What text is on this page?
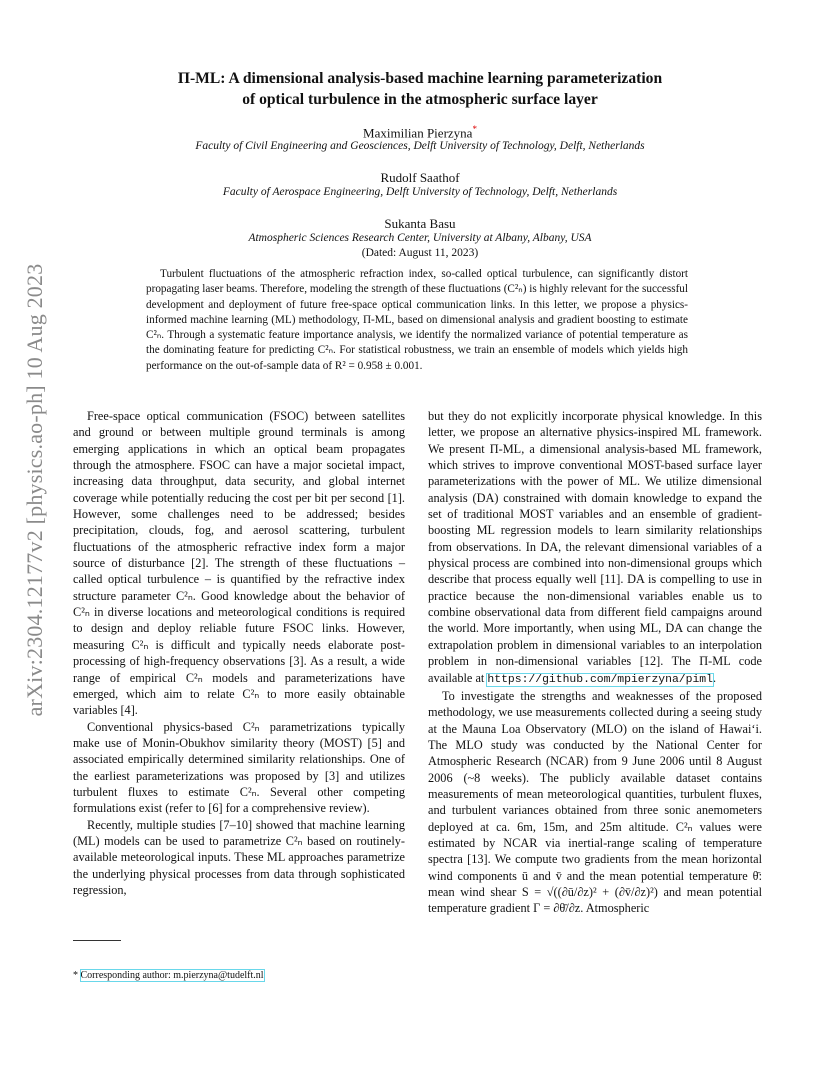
arXiv:2304.12177v2 [physics.ao-ph] 10 Aug 2023
Π-ML: A dimensional analysis-based machine learning parameterization
of optical turbulence in the atmospheric surface layer
Maximilian Pierzyna*
Faculty of Civil Engineering and Geosciences, Delft University of Technology, Delft, Netherlands
Rudolf Saathof
Faculty of Aerospace Engineering, Delft University of Technology, Delft, Netherlands
Sukanta Basu
Atmospheric Sciences Research Center, University at Albany, Albany, USA
(Dated: August 11, 2023)
Turbulent fluctuations of the atmospheric refraction index, so-called optical turbulence, can significantly distort propagating laser beams. Therefore, modeling the strength of these fluctuations (C²ₙ) is highly relevant for the successful development and deployment of future free-space optical communication links. In this letter, we propose a physics-informed machine learning (ML) methodology, Π-ML, based on dimensional analysis and gradient boosting to estimate C²ₙ. Through a systematic feature importance analysis, we identify the normalized variance of potential temperature as the dominating feature for predicting C²ₙ. For statistical robustness, we train an ensemble of models which yields high performance on the out-of-sample data of R² = 0.958 ± 0.001.

Free-space optical communication (FSOC) between satellites and ground or between multiple ground terminals is among emerging applications in which an optical beam propagates through the atmosphere. FSOC can have a major societal impact, increasing data throughput, data security, and global internet coverage while potentially reducing the cost per bit per second [1]. However, some challenges need to be addressed; besides precipitation, clouds, fog, and aerosol scattering, turbulent fluctuations of the atmospheric refractive index form a major source of disturbance [2]. The strength of these fluctuations – called optical turbulence – is quantified by the refractive index structure parameter C²ₙ. Good knowledge about the behavior of C²ₙ in diverse locations and meteorological conditions is required to design and deploy reliable future FSOC links. However, measuring C²ₙ is difficult and typically needs elaborate post-processing of high-frequency observations [3]. As a result, a wide range of empirical C²ₙ models and parameterizations have emerged, which aim to relate C²ₙ to more easily obtainable variables [4].

Conventional physics-based C²ₙ parametrizations typically make use of Monin-Obukhov similarity theory (MOST) [5] and associated empirically determined similarity relationships. One of the earliest parameterizations was proposed by [3] and utilizes turbulent fluxes to estimate C²ₙ. Several other competing formulations exist (refer to [6] for a comprehensive review).

Recently, multiple studies [7–10] showed that machine learning (ML) models can be used to parametrize C²ₙ based on routinely-available meteorological inputs. These ML approaches parametrize the underlying physical processes from data through sophisticated regression,

but they do not explicitly incorporate physical knowledge. In this letter, we propose an alternative physics-inspired ML framework. We present Π-ML, a dimensional analysis-based ML framework, which strives to improve conventional MOST-based surface layer parameterizations with the power of ML. We utilize dimensional analysis (DA) constrained with domain knowledge to expand the set of traditional MOST variables and an ensemble of gradient-boosting ML regression models to learn similarity relationships from observations. In DA, the relevant dimensional variables of a physical process are combined into non-dimensional groups which describe that process equally well [11]. DA is compelling to use in practice because the non-dimensional variables enable us to combine observational data from different field campaigns around the world. More importantly, when using ML, DA can change the extrapolation problem in dimensional variables to an interpolation problem in non-dimensional variables [12]. The Π-ML code available at https://github.com/mpierzyna/piml.

To investigate the strengths and weaknesses of the proposed methodology, we use measurements collected during a seeing study at the Mauna Loa Observatory (MLO) on the island of Hawaiʻi. The MLO study was conducted by the National Center for Atmospheric Research (NCAR) from 9 June 2006 until 8 August 2006 (~8 weeks). The publicly available dataset contains measurements of mean meteorological quantities, turbulent fluxes, and turbulent variances obtained from three sonic anemometers deployed at ca. 6m, 15m, and 25m altitude. C²ₙ values were estimated by NCAR via inertial-range scaling of temperature spectra [13]. We compute two gradients from the mean horizontal wind components ū and v̄ and the mean potential temperature θ̄: mean wind shear S = √((∂ū/∂z)² + (∂v̄/∂z)²) and mean potential temperature gradient Γ = ∂θ̄/∂z. Atmospheric

* Corresponding author: m.pierzyna@tudelft.nl
